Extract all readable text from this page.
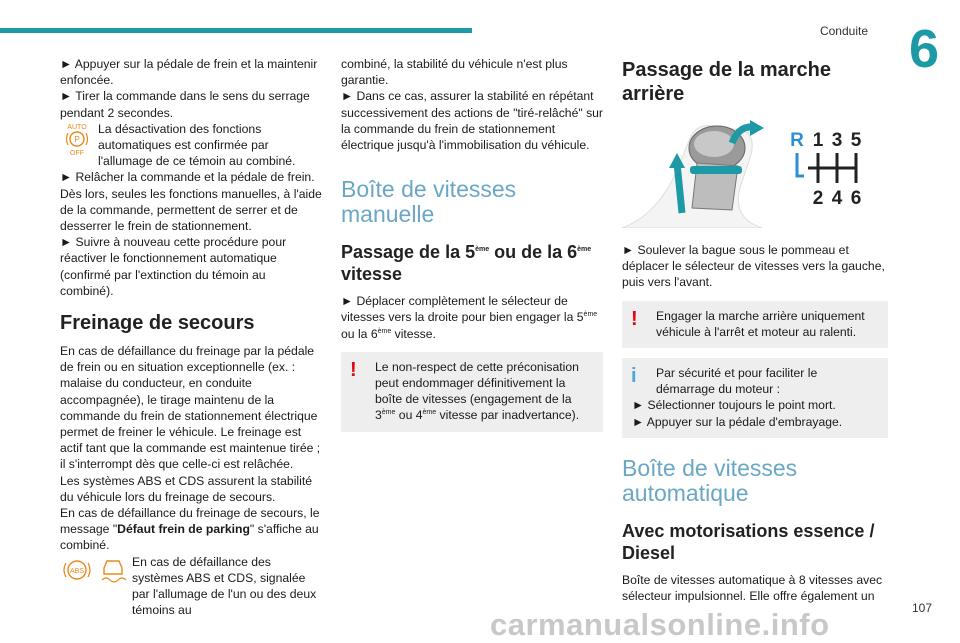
Conduite 6

► Appuyer sur la pédale de frein et la maintenir enfoncée.

► Tirer la commande dans le sens du serrage pendant 2 secondes.

AUTO
P
OFF

La désactivation des fonctions automatiques est confirmée par l'allumage de ce témoin au combiné.

► Relâcher la commande et la pédale de frein.

Dès lors, seules les fonctions manuelles, à l'aide de la commande, permettent de serrer et de desserrer le frein de stationnement.

► Suivre à nouveau cette procédure pour réactiver le fonctionnement automatique (confirmé par l'extinction du témoin au combiné).

Freinage de secours

En cas de défaillance du freinage par la pédale de frein ou en situation exceptionnelle (ex. : malaise du conducteur, en conduite accompagnée), le tirage maintenu de la commande du frein de stationnement électrique permet de freiner le véhicule. Le freinage est actif tant que la commande est maintenue tirée ; il s'interrompt dès que celle-ci est relâchée.

Les systèmes ABS et CDS assurent la stabilité du véhicule lors du freinage de secours.

En cas de défaillance du freinage de secours, le message "Défaut frein de parking" s'affiche au combiné.

ABS

En cas de défaillance des systèmes ABS et CDS, signalée par l'allumage de l'un ou des deux témoins au

combiné, la stabilité du véhicule n'est plus garantie.

► Dans ce cas, assurer la stabilité en répétant successivement des actions de "tiré-relâché" sur la commande du frein de stationnement électrique jusqu'à l'immobilisation du véhicule.

Boîte de vitesses manuelle
Passage de la 5ème ou de la 6ème vitesse

► Déplacer complètement le sélecteur de vitesses vers la droite pour bien engager la 5ème ou la 6ème vitesse.

!	Le non-respect de cette préconisation peut endommager définitivement la boîte de vitesses (engagement de la 3ème ou 4ème vitesse par inadvertance).

Passage de la marche arrière
R 1 3 5
2 4 6

► Soulever la bague sous le pommeau et déplacer le sélecteur de vitesses vers la gauche, puis vers l'avant.

!	Engager la marche arrière uniquement véhicule à l'arrêt et moteur au ralenti.

i	Par sécurité et pour faciliter le démarrage du moteur :

► Sélectionner toujours le point mort.

► Appuyer sur la pédale d'embrayage.

Boîte de vitesses automatique
Avec motorisations essence / Diesel

Boîte de vitesses automatique à 8 vitesses avec sélecteur impulsionnel. Elle offre également un

carmanualsonline.info	107
